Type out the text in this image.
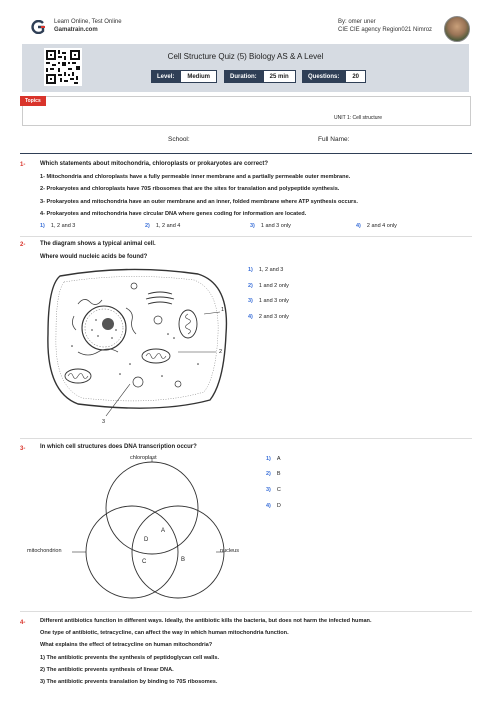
Learn Online, Test Online
Gamatrain.com
By: omer uner
CIE CIE agency Region021 Nimroz
Cell Structure Quiz (5) Biology AS & A Level
Level:	Medium	Duration:	25 min	Questions:	20
Topics
UNIT 1: Cell structure
School:	Full Name:
1- Which statements about mitochondria, chloroplasts or prokaryotes are correct?
1- Mitochondria and chloroplasts have a fully permeable inner membrane and a partially permeable outer membrane.
2- Prokaryotes and chloroplasts have 70S ribosomes that are the sites for translation and polypeptide synthesis.
3- Prokaryotes and mitochondria have an outer membrane and an inner, folded membrane where ATP synthesis occurs.
4- Prokaryotes and mitochondria have circular DNA where genes coding for information are located.
1) 1, 2 and 3	2) 1, 2 and 4	3) 1 and 3 only	4) 2 and 4 only
2- The diagram shows a typical animal cell.
Where would nucleic acids be found?
1
2
3
1) 1, 2 and 3
2) 1 and 2 only
3) 1 and 3 only
4) 2 and 3 only
3- In which cell structures does DNA transcription occur?
chloroplast
mitochondrion	nucleus
A
B
C
D
1) A
2) B
3) C
4) D
4-	Different antibiotics function in different ways. Ideally, the antibiotic kills the bacteria, but does not harm the infected human.
One type of antibiotic, tetracycline, can affect the way in which human mitochondria function.
What explains the effect of tetracycline on human mitochondria?
1) The antibiotic prevents the synthesis of peptidoglycan cell walls.
2) The antibiotic prevents synthesis of linear DNA.
3) The antibiotic prevents translation by binding to 70S ribosomes.
